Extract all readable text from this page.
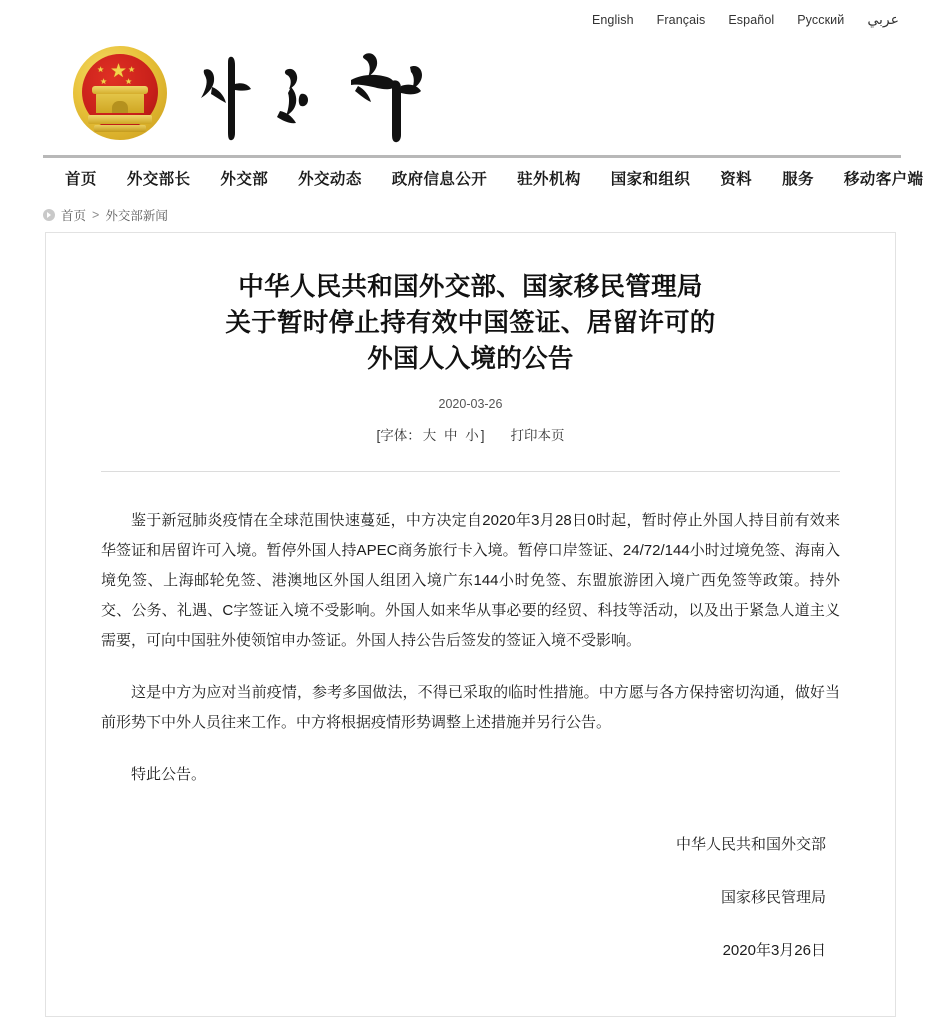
English Français Español Русский عربي
★
★	★
★ ★
首页 外交部长 外交部 外交动态 政府信息公开 驻外机构 国家和组织 资料 服务 移动客户端
首页 > 外交部新闻
中华人民共和国外交部、国家移民管理局
关于暂时停止持有效中国签证、居留许可的
外国人入境的公告
2020-03-26
[字体： 大 中 小 ] 打印本页

鉴于新冠肺炎疫情在全球范围快速蔓延，中方决定自2020年3月28日0时起，暂时停止外国人持目前有效来华签证和居留许可入境。暂停外国人持APEC商务旅行卡入境。暂停口岸签证、24/72/144小时过境免签、海南入境免签、上海邮轮免签、港澳地区外国人组团入境广东144小时免签、东盟旅游团入境广西免签等政策。持外交、公务、礼遇、C字签证入境不受影响。外国人如来华从事必要的经贸、科技等活动，以及出于紧急人道主义需要，可向中国驻外使领馆申办签证。外国人持公告后签发的签证入境不受影响。

这是中方为应对当前疫情，参考多国做法，不得已采取的临时性措施。中方愿与各方保持密切沟通，做好当前形势下中外人员往来工作。中方将根据疫情形势调整上述措施并另行公告。

特此公告。

中华人民共和国外交部
国家移民管理局
2020年3月26日
